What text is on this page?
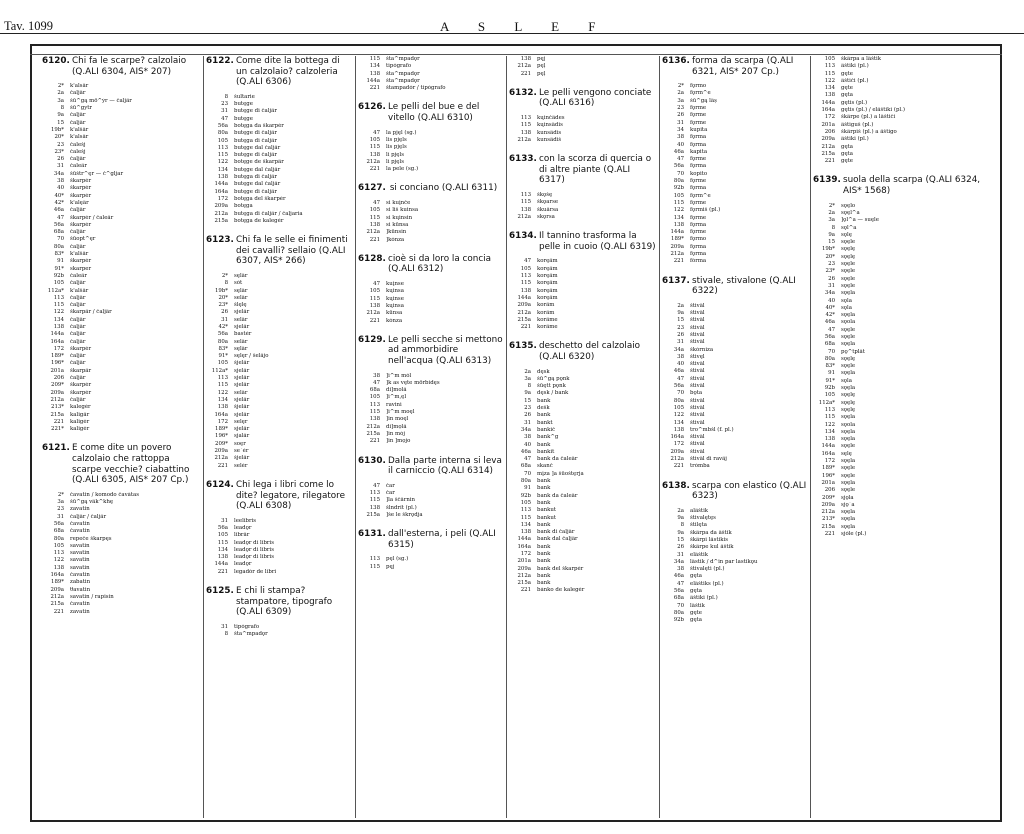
Tav. 1099	A S L E F
6120. Chi fa le scarpe? calzolaio (Q.ALI 6304, AIS* 207)
2*	k'alsâr
2a	čaljâr
3a	šū^gą mö^ýr — čaljâr
8	šū^gytr
9a	čaljâr
15	čaljâr
19b*	k'alšâr
20*	k'alsâr
23	čalešj
23*	čalešj
26	čaljâr
31	čaleâr
34a	šūštr^ęr — č^gljar
38	škarpér
40	škarpér
40*	škarpér
42*	k'alęâr
46a	čaljâr
47	škarpér / čaleâr
56a	škarpér
68a	čaljâr
70	šūopt^ęr
80a	čaljâr
83*	k'alšâr
91	škarpér
91*	skarper
92b	čaleâr
105	čaljâr
112a*	k'alšâr
113	čaljâr
115	čaljâr
122	škarpâr / čaljâr
134	čaljâr
138	čaljâr
144a	čaljâr
164a	čaljâr
172	škarpér
189*	čaljâr
196*	čaljâr
201a	škarpâr
206	čaljâr
209*	škarpér
209a	škarpér
212a	čaljâr
213*	kalegér
215a	kaligâr
221	kaligér
221*	kaligér
6121. E come dite un povero calzolaio che rattoppa scarpe vecchie? ciabattino (Q.ALI 6305, AIS* 207 Cp.)
2*	čavatin / komodo čavàtas
3a	šū^gą vãk^khę
23	zavatin
31	čaljâr / čaljâr
56a	čavatin
68a	čavatin
80a	repeče škarpęs
105	savatin
113	savatin
122	savatin
138	savatin
164a	čavatin
189*	zabatin
209a	θavatin
212a	savatin / rapisin
215a	čavatin
221	zavatin
6122. Come dite la bottega di un calzolaio? calzoleria (Q.ALI 6306)
8	šultarie
23	butęge
31	butęge di čaljâr
47	butęge
56a	botęga da škarpér
80a	butęge di čaljâr
105	butęga di čaljâr
113	butęge dal čaljâr
115	butęge di čaljâr
122	botęge de škarpâr
134	butęge dal čaljâr
138	butęga di čaljâr
144a	butęge dal čaljâr
164a	butęge di čaljâr
172	botęga del škarpér
209a	botęga
212a	butęga di čaljâr / čaljaria
215a	botęga de kalegér
6123. Chi fa le selle ei finimenti dei cavalli? sellaio (Q.ALI 6307, AIS* 266)
2*	sęlâr
8	sòt
19b*	sęlâr
20*	selâr
23*	šlęlę
26	sjelâr
31	selâr
42*	sjelâr
56a	bastér
80a	selâr
83*	sęlâr
91*	sęlęr / šelâjo
105	šjelâr
112a*	sjelâr
113	sjelâr
115	sjelâr
122	selâr
134	sjelâr
138	šjelâr
164a	sjelâr
172	selęr
189*	sjelâr
196*	sjalâr
209*	soęr
209a	se´ér
212a	šjelâr
221	selér
6124. Chi lega i libri come lo dite? legatore, rilegatore (Q.ALI 6308)
31	leelibris
56a	leadǫr
105	librâr
115	leadǫr di libris
134	leadǫr di libris
138	leadǫr di libris
144a	leadǫr
221	legadór de libri
6125. E chi li stampa? stampatore, tipografo (Q.ALI 6309)
31	tipógrafo
8	šta^mpadǫr
115	šta^mpadǫr
134	tipógrafo
138	šta^mpadǫr
144a	šta^mpadǫr
221	štampadór / tipógrafo
6126. Le pelli del bue e del vitello (Q.ALI 6310)
47	la pjęl (sg.)
105	lis pjęls
115	lis pjęls
138	li pjęls
212a	li pjęls
221	la pele (sg.)
6127. si conciano (Q.ALI 6311)
47	si kuįnče
105	si liš kuinsa
115	si kųinsin
138	si kūnsa
212a	]kūnsin
221	]kónza
6128. cioè si da loro la concia (Q.ALI 6312)
47	kuįnse
105	kųinsa
115	kųinse
138	kųinsa
212a	kūnsa
221	kónza
6129. Le pelli secche si mettono ad ammorbidire nell'acqua (Q.ALI 6313)
38	]i^m mól
47	]k as vęte mörbidęs
68a	di]molâ
105	]i^m,ęl
113	ravini
115	]i^m moęl
138	]in moęl
212a	di]mọlâ
215a	]in mój
221	]in ]mọjo
6130. Dalla parte interna si leva il carniccio (Q.ALI 6314)
47	čar
113	čar
115	]la ščârnin
138	šlndrît (pl.)
215a	]še le škrǫdja
6131. dall'esterna, i peli (Q.ALI 6315)
113	pęl (sg.)
115	pęj
138	pęj
212a	pęļ
221	pęļ
6132. Le pelli vengono conciate (Q.ALI 6316)
113	kųinčâdes
115	kųinsâdis
138	kunsâdis
212a	kunsâdiš
6133. con la scorza di quercia o di altre piante (Q.ALI 6317)
113	škǫšę
115	škǫarse
138	škuârsa
212a	skǫrsa
6134. Il tannino trasforma la pelle in cuoio (Q.ALI 6319)
47	koręâm
105	koręâm
113	koręâm
115	koręâm
138	koręâm
144a	koręâm
209a	korâm
212a	korâm
215a	korâme
221	korâme
6135. deschetto del calzolaio (Q.ALI 6320)
2a	dęsk
3a	šū^gą pǫnk
8	šūętt pǫnk
9a	dęsk / bank
15	bank
23	dešk
26	bank
31	bankt
34a	bankič
38	bank^g
40	bank
46a	bankit
47	bank da čaleâr
68a	skanč
70	mįza ]a šūoštęrja
80a	bank
91	bank
92b	bank da čaleâr
105	bank
113	bankut
115	bankut
134	bank
138	bank di čaljâr
144a	bank dal čaljâr
164a	bank
172	bank
201a	bank
209a	bank del škarpér
212a	bank
215a	bank
221	bánko de kalegér
6136. forma da scarpa (Q.ALI 6321, AIS* 207 Cp.)
2*	fǫrmo
2a	fǫrm^e
3a	šū^gą lâș
23	fǫrme
26	fǫrme
31	fǫrme
34	kupita
38	fǫrma
40	fǫrma
46a	kapita
47	fǫrme
56a	fǫrma
70	kopito
80a	fǫrme
92b	fǫrma
105	fǫrm^e
115	fǫrme
122	fǫrmiš (pl.)
134	fǫrme
138	fǫrma
144a	fǫrme
189*	fǫrmo
209a	fǫrma
212a	fǫrma
221	fórma
6137. stivale, stivalone (Q.ALI 6322)
2a	štivâl
9a	štivâl
15	štivâl
23	štivâl
26	štivâl
31	štivâl
34a	škórniza
38	štivęl
40	štivâl
46a	štivâl
47	štivâl
56a	štivâl
70	bǫta
80a	štivâl
105	štivâl
122	štivâl
134	štivâl
138	tro^mbšl (f. pl.)
164a	štivâl
172	štivâl
209a	štivâl
212a	štivâl di ravâj
221	trómba
6138. scarpa con elastico (Q.ALI 6323)
2a	alâštik
9a	štivalętęs
8	štilęta
9a	škârpa da âštik
15	škârpi lâstikis
26	škârpe kul âštik
31	elâštik
34a	lâstik / d^in par lastikǫu
38	štivalęti (pl.)
46a	gęta
47	elâštiks (pl.)
56a	gęta
68a	âštiki (pl.)
70	lâštik
80a	gęte
92b	gęta
105	škârpa a lâštik
113	âštiki (pl.)
115	gęte
122	âštiči (pl.)
134	gęte
138	gęta
144a	gętis (pl.)
164a	gętis (pl.) / elâštiki (pl.)
172	škârpe (pl.) a lâštiči
201a	âštiguš (pl.)
206	škârpiš (pl.) a âštigo
209a	âštiki (pl.)
212a	gęta
215a	gęta
221	gęte
6139. suola della scarpa (Q.ALI 6324, AIS* 1568)
2*	sǫęlo
2a	sǫęl^a
3a	]ǫl^a — suęle
8	sǫl^a
9a	sǫlę
15	sǫęle
19b*	sǫęlę
20*	sǫęlę
23	sǫęle
23*	sǫęle
26	sǫęle
31	sǫęle
34a	sǫęla
40	sǫla
40*	sǫla
42*	sǫęla
46a	sǫola
47	sǫęle
56a	sǫęle
68a	sǫęla
70	pǫ^tplât
80a	sǫęlę
83*	sǫęle
91	sǫęla
91*	sǫla
92b	sǫęla
105	sǫęlę
112a*	sǫęlę
113	sǫęlę
115	sǫęla
122	sǫola
134	sǫęla
138	sǫęla
144a	sǫęle
164a	sęlę
172	sǫęla
189*	sǫęle
196*	sǫęle
201a	sǫęla
206	sǫęle
209*	sjǫla
209a	sjǫ´a
212a	sǫęla
213*	sǫęla
215a	sǫęla
221	sjóle (pl.)
